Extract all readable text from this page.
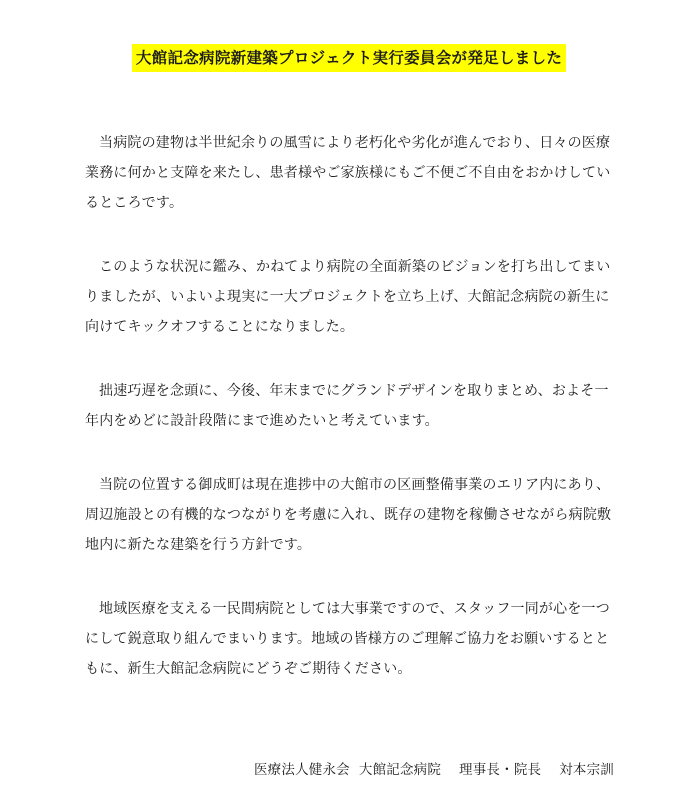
大館記念病院新建築プロジェクト実行委員会が発足しました

当病院の建物は半世紀余りの風雪により老朽化や劣化が進んでおり、日々の医療業務に何かと支障を来たし、患者様やご家族様にもご不便ご不自由をおかけしているところです。

このような状況に鑑み、かねてより病院の全面新築のビジョンを打ち出してまいりましたが、いよいよ現実に一大プロジェクトを立ち上げ、大館記念病院の新生に向けてキックオフすることになりました。

拙速巧遅を念頭に、今後、年末までにグランドデザインを取りまとめ、およそ一年内をめどに設計段階にまで進めたいと考えています。

当院の位置する御成町は現在進捗中の大館市の区画整備事業のエリア内にあり、周辺施設との有機的なつながりを考慮に入れ、既存の建物を稼働させながら病院敷地内に新たな建築を行う方針です。

地域医療を支える一民間病院としては大事業ですので、スタッフ一同が心を一つにして鋭意取り組んでまいります。地域の皆様方のご理解ご協力をお願いするとともに、新生大館記念病院にどうぞご期待ください。

医療法人健永会  大館記念病院    理事長・院長    対本宗訓
